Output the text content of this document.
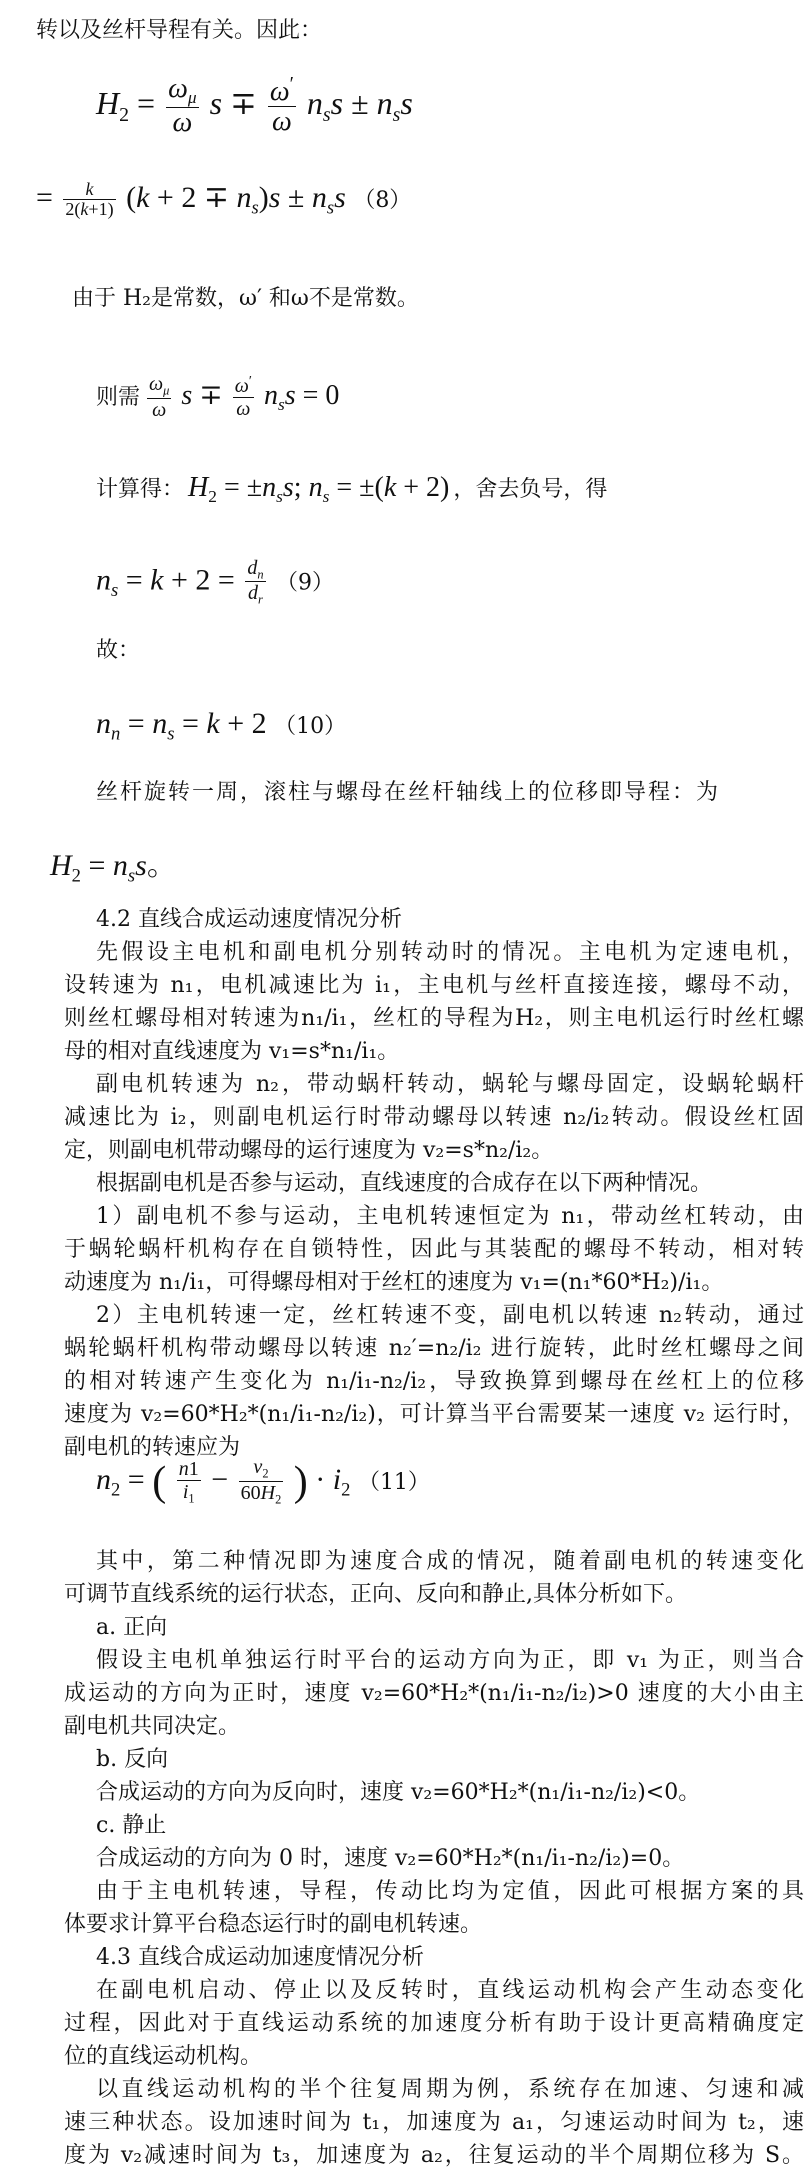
转以及丝杆导程有关。因此：
$H_2 = \frac{\omega_\mu}{\omega}$ $s \mp \frac{\omega'}{\omega} n_ss \pm n_ss$
= $\frac{k}{2(k+1)} (k + 2 \mp n_s)s \pm n_ss$ （8）
由于 H₂是常数，ω′ 和ω不是常数。
则需 $\frac{\omega_\mu}{\omega}$ $s \mp \frac{\omega'}{\omega} n_ss = 0$
计算得： $H_2 = \pm n_ss$; $n_s = \pm(k + 2)$ ，舍去负号，得
$n_s = k + 2 = \frac{d_n}{d_r} (9)$
故：
$n_n = n_s = k + 2$ （10）
丝杆旋转一周，滚柱与螺母在丝杆轴线上的位移即导程：为
$H_2 = n_ss$。
4.2 直线合成运动速度情况分析
先假设主电机和副电机分别转动时的情况。主电机为定速电机，
设转速为 n₁，电机减速比为 i₁，主电机与丝杆直接连接，螺母不动，
则丝杠螺母相对转速为n₁/i₁，丝杠的导程为H₂，则主电机运行时丝杠螺
母的相对直线速度为 v₁=s*n₁/i₁。
副电机转速为 n₂，带动蜗杆转动，蜗轮与螺母固定，设蜗轮蜗杆
减速比为 i₂，则副电机运行时带动螺母以转速 n₂/i₂转动。假设丝杠固
定，则副电机带动螺母的运行速度为 v₂=s*n₂/i₂。
根据副电机是否参与运动，直线速度的合成存在以下两种情况。
1）副电机不参与运动，主电机转速恒定为 n₁，带动丝杠转动，由
于蜗轮蜗杆机构存在自锁特性，因此与其装配的螺母不转动，相对转
动速度为 n₁/i₁，可得螺母相对于丝杠的速度为 v₁=(n₁*60*H₂)/i₁。
2）主电机转速一定，丝杠转速不变，副电机以转速 n₂转动，通过
蜗轮蜗杆机构带动螺母以转速 n₂′=n₂/i₂ 进行旋转，此时丝杠螺母之间
的相对转速产生变化为 n₁/i₁-n₂/i₂，导致换算到螺母在丝杠上的位移
速度为 v₂=60*H₂*(n₁/i₁-n₂/i₂)，可计算当平台需要某一速度 v₂ 运行时，
副电机的转速应为
$n_2$ = ( $\frac{n1}{i_1} - \frac{v_2}{60H_2}$ ) · $i_2$ （11）
其中，第二种情况即为速度合成的情况，随着副电机的转速变化
可调节直线系统的运行状态，正向、反向和静止,具体分析如下。
a. 正向
假设主电机单独运行时平台的运动方向为正，即 v₁ 为正，则当合
成运动的方向为正时，速度 v₂=60*H₂*(n₁/i₁-n₂/i₂)>0 速度的大小由主
副电机共同决定。
b. 反向
合成运动的方向为反向时，速度 v₂=60*H₂*(n₁/i₁-n₂/i₂)<0。
c. 静止
合成运动的方向为 0 时，速度 v₂=60*H₂*(n₁/i₁-n₂/i₂)=0。
由于主电机转速，导程，传动比均为定值，因此可根据方案的具
体要求计算平台稳态运行时的副电机转速。
4.3 直线合成运动加速度情况分析
在副电机启动、停止以及反转时，直线运动机构会产生动态变化
过程，因此对于直线运动系统的加速度分析有助于设计更高精确度定
位的直线运动机构。
以直线运动机构的半个往复周期为例，系统存在加速、匀速和减
速三种状态。设加速时间为 t₁，加速度为 a₁，匀速运动时间为 t₂，速
度为 v₂减速时间为 t₃，加速度为 a₂，往复运动的半个周期位移为 S。
